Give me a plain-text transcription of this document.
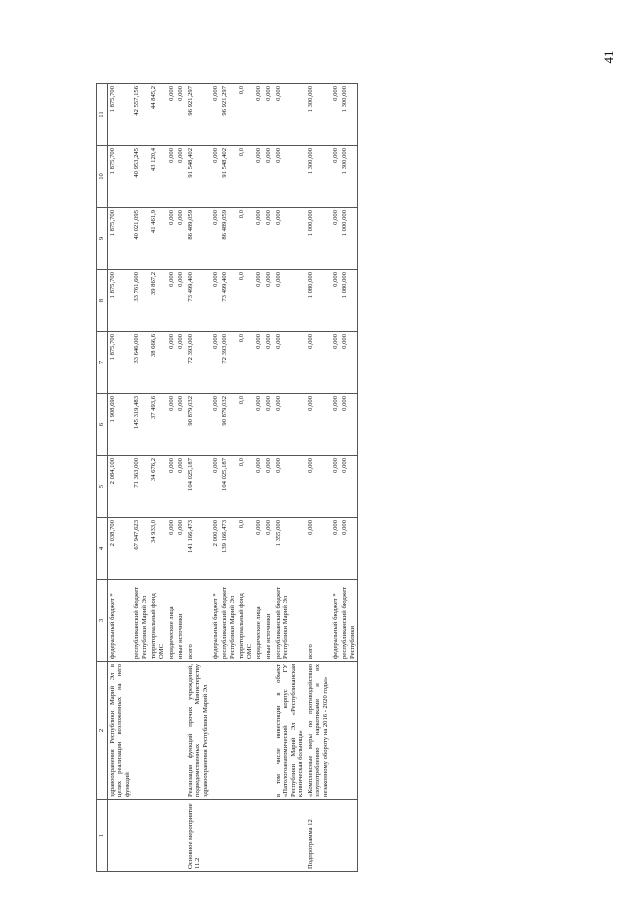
41
1	2	3	4	5	6	7	8	9	10	11
	здравоохранения Республики Марий Эл в целях реализации возложенных на него функций	федеральный бюджет *	2 038,700	2 084,100	1 908,690	1 875,700	1 875,700	1 875,700	1 875,700	1 875,700
		республиканский бюджет Республики Марий Эл	67 947,623	71 363,000	145 319,483	33 646,000	33 761,600	40 021,095	40 953,245	42 557,156
		территориальный фонд ОМС	34 933,0	34 676,2	37 493,6	38 666,6	39 867,2	41 461,9	43 120,4	44 845,2
		юридические лица	0,000	0,000	0,000	0,000	0,000	0,000	0,000	0,000
		иные источники	0,000	0,000	0,000	0,000	0,000	0,000	0,000	0,000
Основное мероприятие 11.2	Реализация функций прочих учреждений, подведомственных Министерству здравоохранения Республики Марий Эл	всего	141 166,473	104 025,187	90 879,032	72 393,000	73 499,400	86 489,059	91 548,402	96 921,297
		федеральный бюджет *	2 000,000	0,000	0,000	0,000	0,000	0,000	0,000	0,000
		республиканский бюджет Республики Марий Эл	139 166,473	104 025,187	90 879,032	72 393,000	73 499,400	86 489,059	91 548,402	96 921,297
		территориальный фонд ОМС	0,0	0,0	0,0	0,0	0,0	0,0	0,0	0,0
		юридические лица	0,000	0,000	0,000	0,000	0,000	0,000	0,000	0,000
		иные источники	0,000	0,000	0,000	0,000	0,000	0,000	0,000	0,000
	в том числе инвестиции в объект «Патологоанатомический корпус ГУ Республики Марий Эл «Республиканская клиническая больница»	республиканский бюджет Республики Марий Эл	1 355,000	0,000	0,000	0,000	0,000	0,000	0,000	0,000
Подпрограмма 12	«Комплексные меры по противодействию злоупотреблению наркотиками и их незаконному обороту на 2016 - 2020 годы»	всего	0,000	0,000	0,000	0,000	1 080,000	1 000,000	1 300,000	1 300,000
		федеральный бюджет *	0,000	0,000	0,000	0,000	0,000	0,000	0,000	0,000
		республиканский бюджет Республики	0,000	0,000	0,000	0,000	1 080,000	1 000,000	1 300,000	1 300,000
